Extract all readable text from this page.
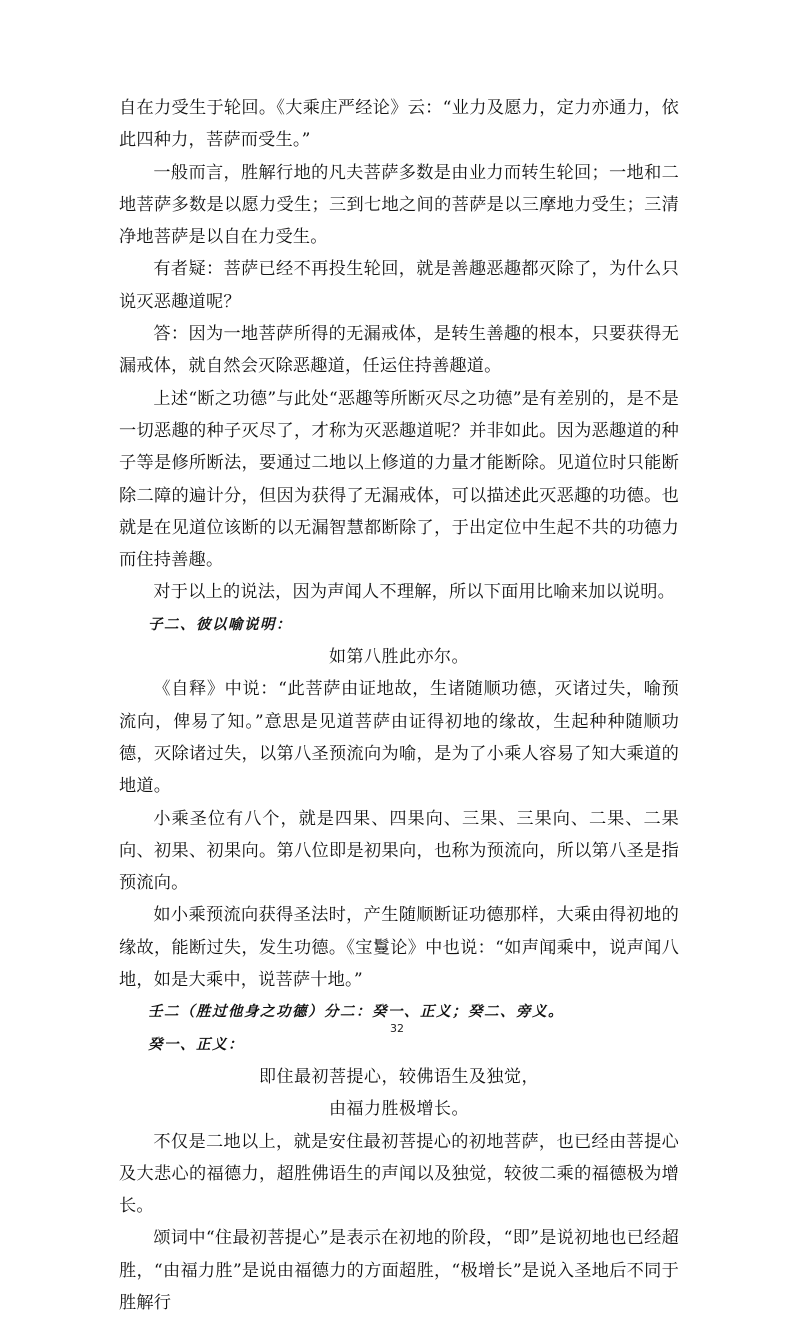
自在力受生于轮回。《大乘庄严经论》云：“业力及愿力，定力亦通力，依此四种力，菩萨而受生。”

一般而言，胜解行地的凡夫菩萨多数是由业力而转生轮回；一地和二地菩萨多数是以愿力受生；三到七地之间的菩萨是以三摩地力受生；三清净地菩萨是以自在力受生。

有者疑：菩萨已经不再投生轮回，就是善趣恶趣都灭除了，为什么只说灭恶趣道呢？

答：因为一地菩萨所得的无漏戒体，是转生善趣的根本，只要获得无漏戒体，就自然会灭除恶趣道，任运住持善趣道。

上述“断之功德”与此处“恶趣等所断灭尽之功德”是有差别的，是不是一切恶趣的种子灭尽了，才称为灭恶趣道呢？并非如此。因为恶趣道的种子等是修所断法，要通过二地以上修道的力量才能断除。见道位时只能断除二障的遍计分，但因为获得了无漏戒体，可以描述此灭恶趣的功德。也就是在见道位该断的以无漏智慧都断除了，于出定位中生起不共的功德力而住持善趣。

对于以上的说法，因为声闻人不理解，所以下面用比喻来加以说明。

子二、彼以喻说明：

如第八胜此亦尔。

《自释》中说：“此菩萨由证地故，生诸随顺功德，灭诸过失，喻预流向，俾易了知。”意思是见道菩萨由证得初地的缘故，生起种种随顺功德，灭除诸过失，以第八圣预流向为喻，是为了小乘人容易了知大乘道的地道。

小乘圣位有八个，就是四果、四果向、三果、三果向、二果、二果向、初果、初果向。第八位即是初果向，也称为预流向，所以第八圣是指预流向。

如小乘预流向获得圣法时，产生随顺断证功德那样，大乘由得初地的缘故，能断过失，发生功德。《宝鬘论》中也说：“如声闻乘中，说声闻八地，如是大乘中，说菩萨十地。”

壬二（胜过他身之功德）分二：癸一、正义；癸二、旁义。

癸一、正义：

即住最初菩提心，较佛语生及独觉，

由福力胜极增长。

不仅是二地以上，就是安住最初菩提心的初地菩萨，也已经由菩提心及大悲心的福德力，超胜佛语生的声闻以及独觉，较彼二乘的福德极为增长。

颂词中“住最初菩提心”是表示在初地的阶段，“即”是说初地也已经超胜，“由福力胜”是说由福德力的方面超胜，“极增长”是说入圣地后不同于胜解行

32
